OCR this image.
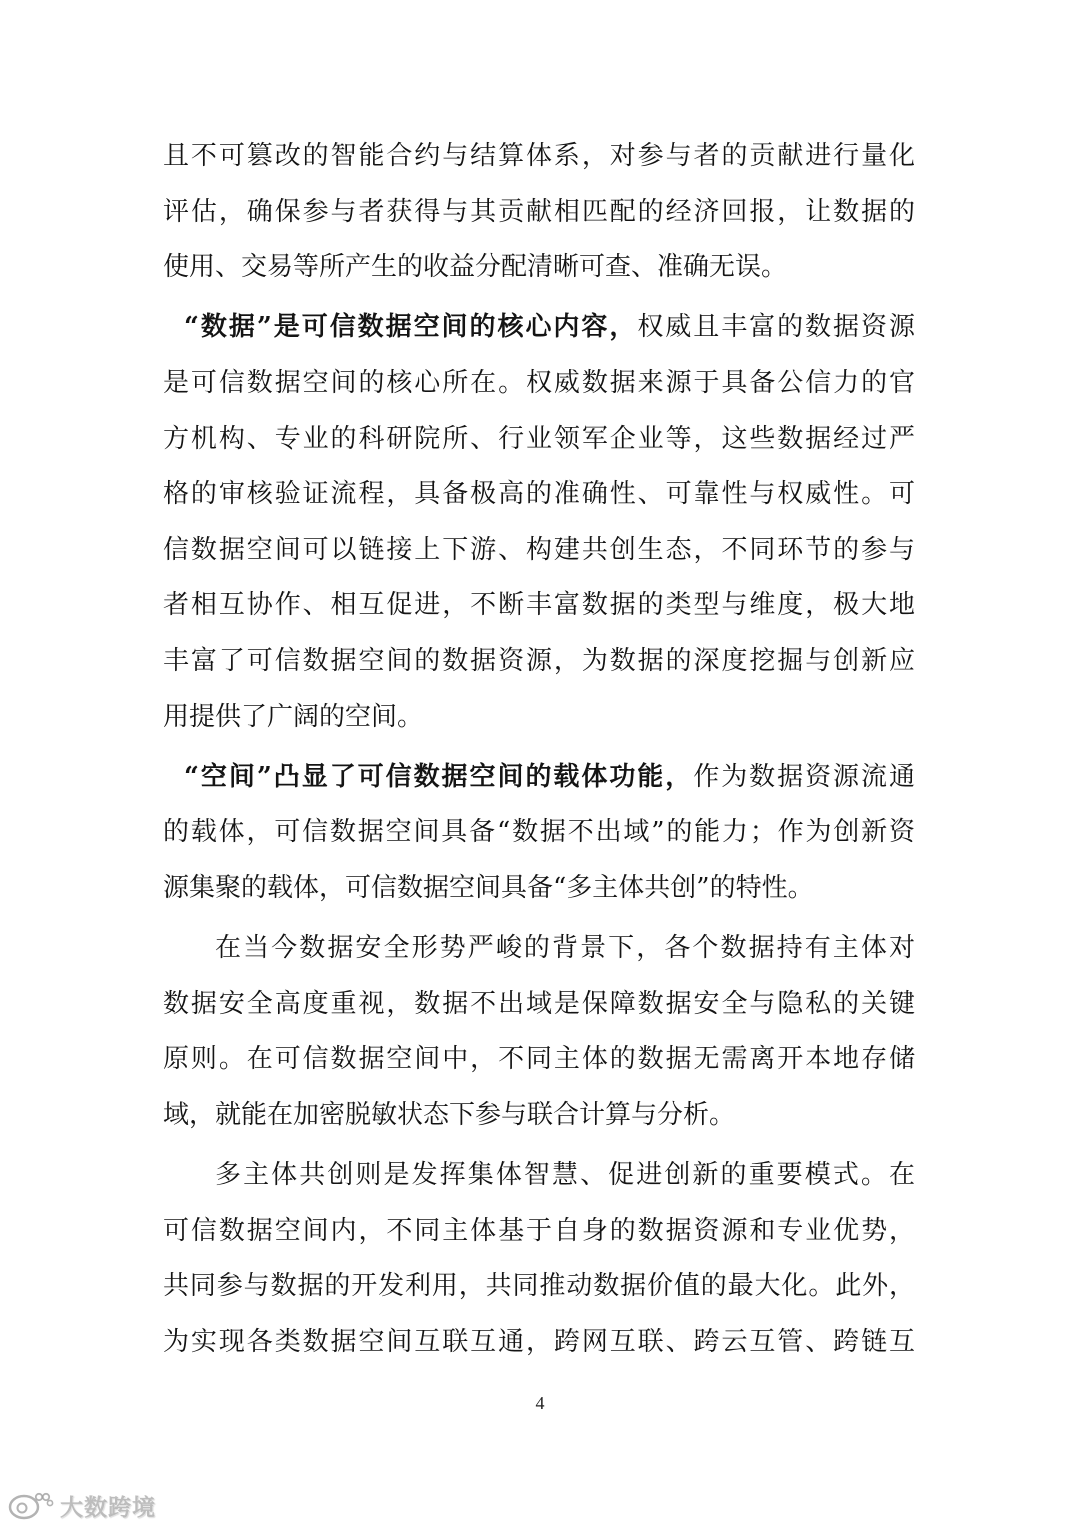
且不可篡改的智能合约与结算体系，对参与者的贡献进行量化
评估，确保参与者获得与其贡献相匹配的经济回报，让数据的
使用、交易等所产生的收益分配清晰可查、准确无误。
“数据”是可信数据空间的核心内容，权威且丰富的数据资源
是可信数据空间的核心所在。权威数据来源于具备公信力的官
方机构、专业的科研院所、行业领军企业等，这些数据经过严
格的审核验证流程，具备极高的准确性、可靠性与权威性。可
信数据空间可以链接上下游、构建共创生态，不同环节的参与
者相互协作、相互促进，不断丰富数据的类型与维度，极大地
丰富了可信数据空间的数据资源，为数据的深度挖掘与创新应
用提供了广阔的空间。
“空间”凸显了可信数据空间的载体功能，作为数据资源流通
的载体，可信数据空间具备“数据不出域”的能力；作为创新资
源集聚的载体，可信数据空间具备“多主体共创”的特性。
在当今数据安全形势严峻的背景下，各个数据持有主体对
数据安全高度重视，数据不出域是保障数据安全与隐私的关键
原则。在可信数据空间中，不同主体的数据无需离开本地存储
域，就能在加密脱敏状态下参与联合计算与分析。
多主体共创则是发挥集体智慧、促进创新的重要模式。在
可信数据空间内，不同主体基于自身的数据资源和专业优势，
共同参与数据的开发利用，共同推动数据价值的最大化。此外，
为实现各类数据空间互联互通，跨网互联、跨云互管、跨链互
4
大数跨境
